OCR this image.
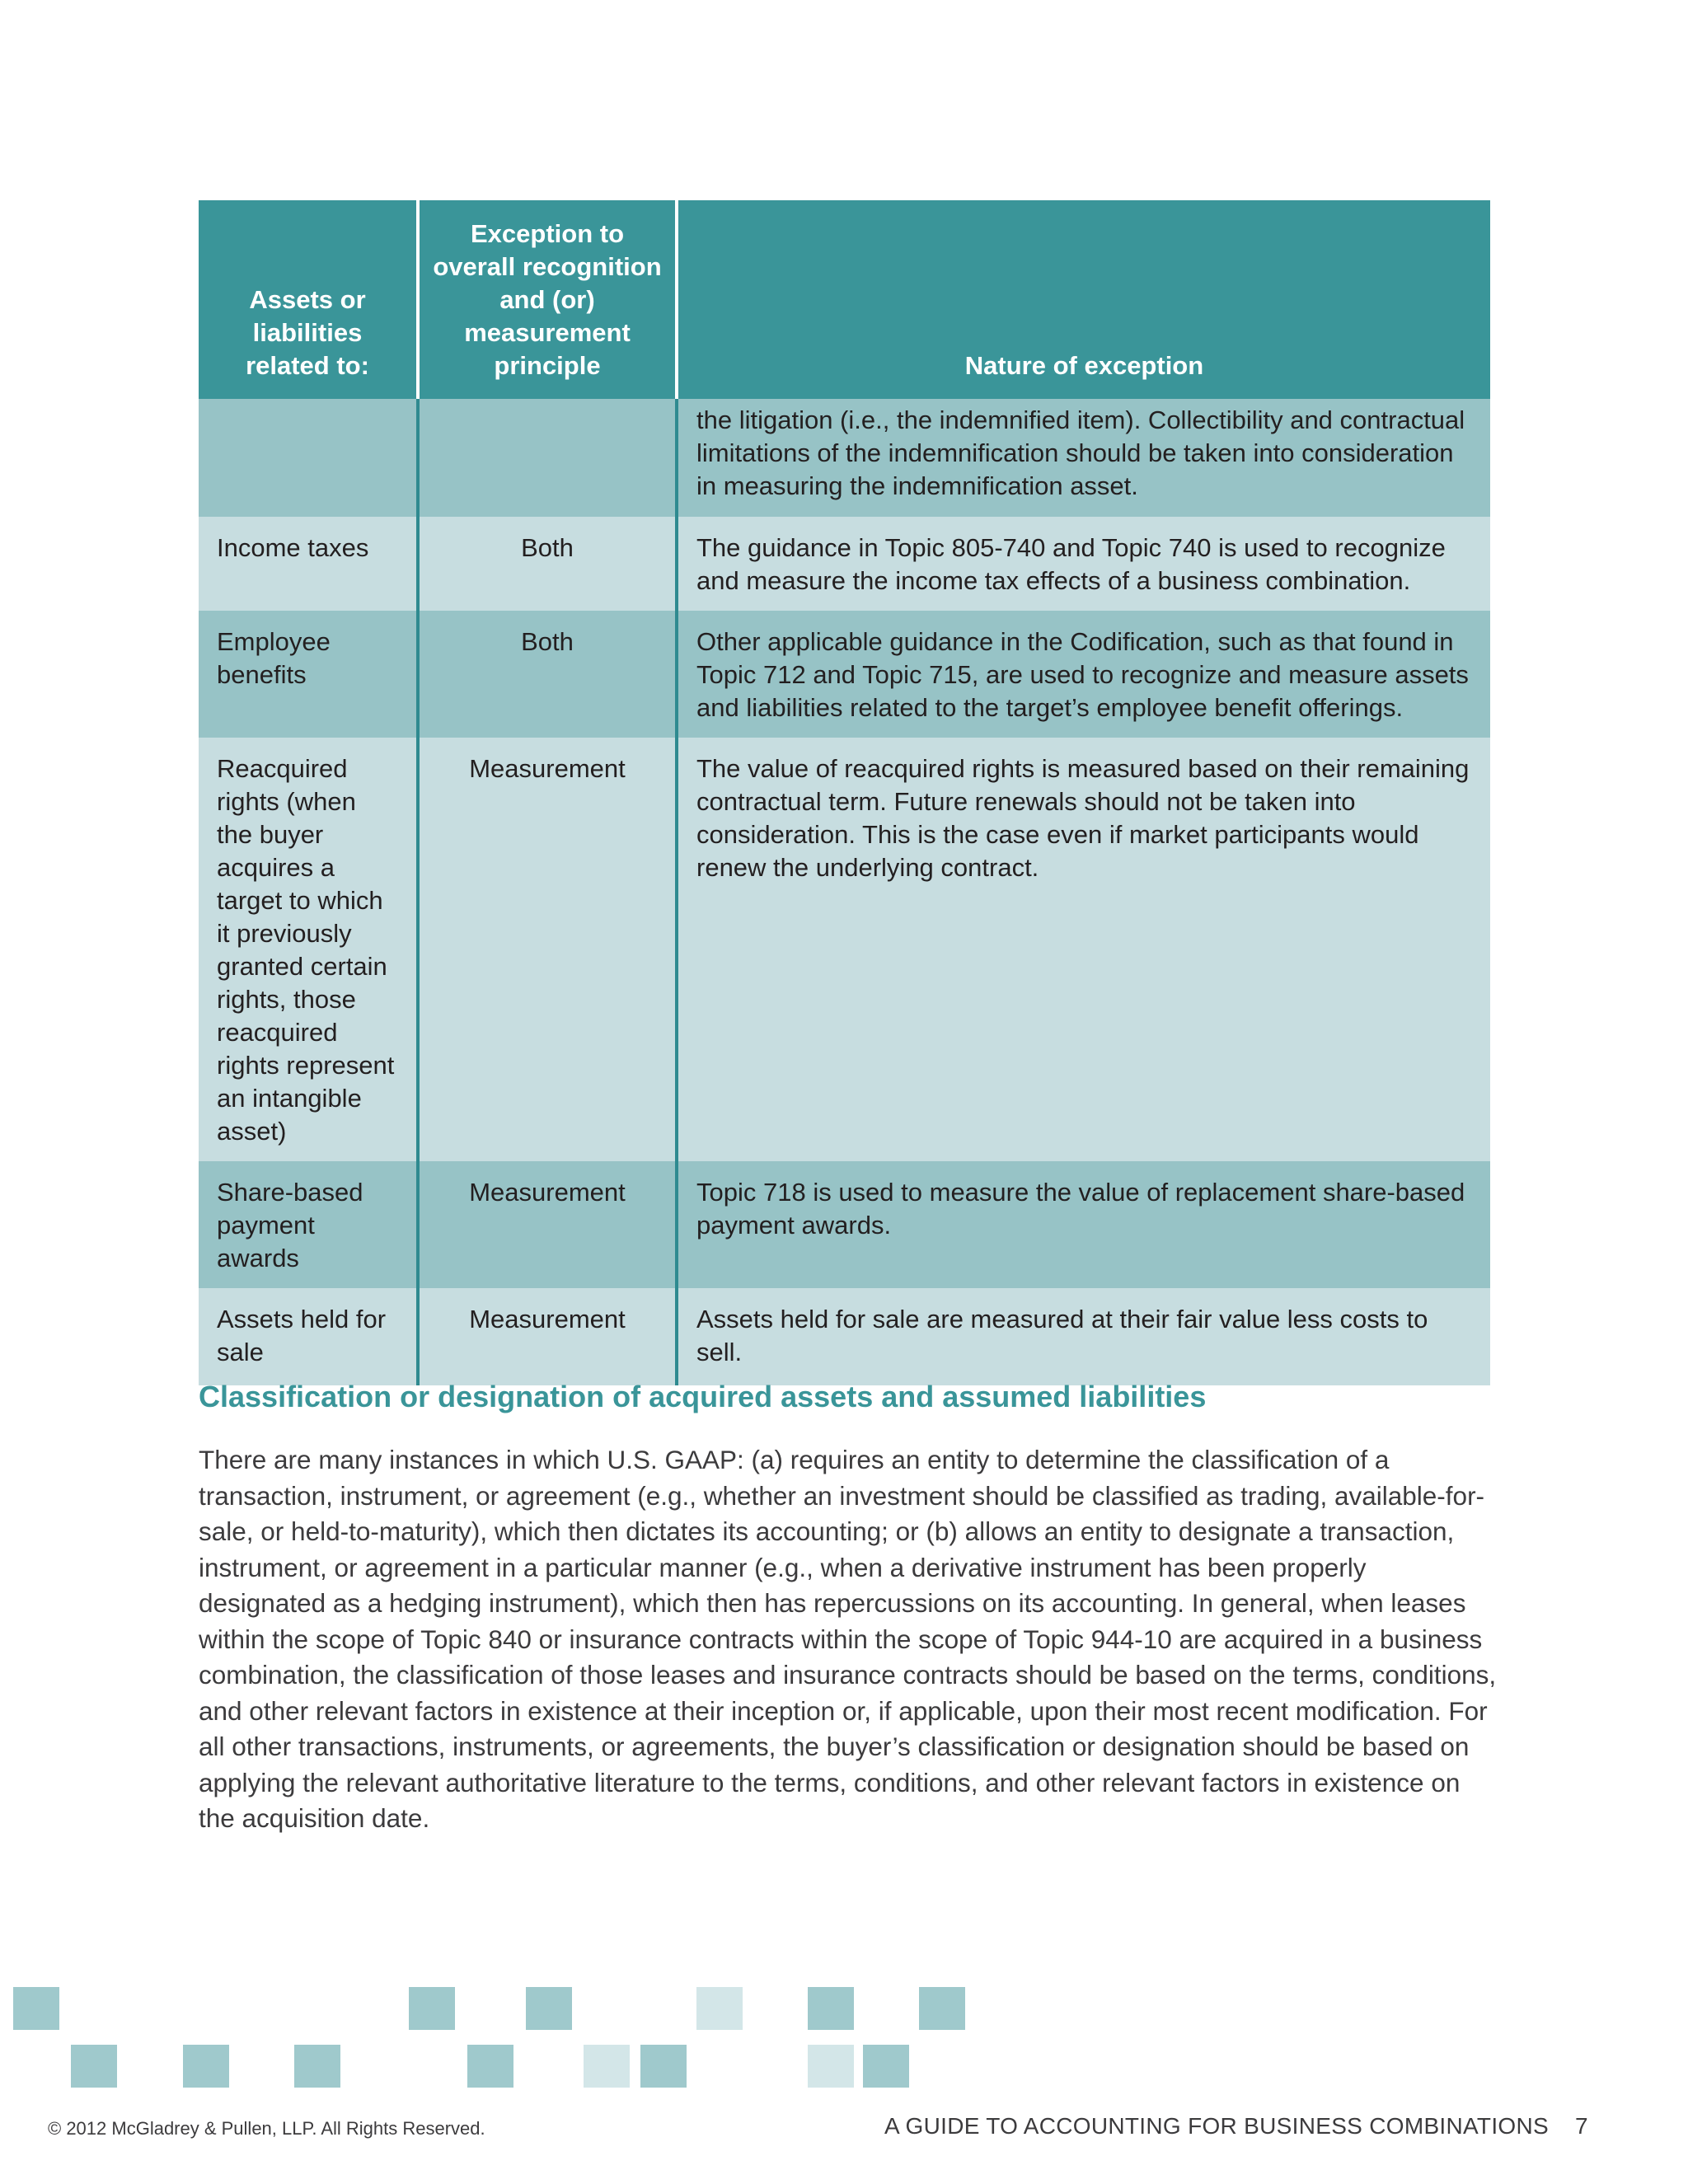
Assets or liabilities related to:	Exception to overall recognition and (or) measurement principle	Nature of exception
		the litigation (i.e., the indemnified item). Collectibility and contractual limitations of the indemnification should be taken into consideration in measuring the indemnification asset.
Income taxes	Both	The guidance in Topic 805-740 and Topic 740 is used to recognize and measure the income tax effects of a business combination.
Employee benefits	Both	Other applicable guidance in the Codification, such as that found in Topic 712 and Topic 715, are used to recognize and measure assets and liabilities related to the target’s employee benefit offerings.
Reacquired rights (when the buyer acquires a target to which it previously granted certain rights, those reacquired rights represent an intangible asset)	Measurement	The value of reacquired rights is measured based on their remaining contractual term. Future renewals should not be taken into consideration. This is the case even if market participants would renew the underlying contract.
Share-based payment awards	Measurement	Topic 718 is used to measure the value of replacement share-based payment awards.
Assets held for sale	Measurement	Assets held for sale are measured at their fair value less costs to sell.
Classification or designation of acquired assets and assumed liabilities

There are many instances in which U.S. GAAP: (a) requires an entity to determine the classification of a transaction, instrument, or agreement (e.g., whether an investment should be classified as trading, available-for-sale, or held-to-maturity), which then dictates its accounting; or (b) allows an entity to designate a transaction, instrument, or agreement in a particular manner (e.g., when a derivative instrument has been properly designated as a hedging instrument), which then has repercussions on its accounting. In general, when leases within the scope of Topic 840 or insurance contracts within the scope of Topic 944-10 are acquired in a business combination, the classification of those leases and insurance contracts should be based on the terms, conditions, and other relevant factors in existence at their inception or, if applicable, upon their most recent modification. For all other transactions, instruments, or agreements, the buyer’s classification or designation should be based on applying the relevant authoritative literature to the terms, conditions, and other relevant factors in existence on the acquisition date.

© 2012 McGladrey & Pullen, LLP. All Rights Reserved.	A GUIDE TO ACCOUNTING FOR BUSINESS COMBINATIONS 7
